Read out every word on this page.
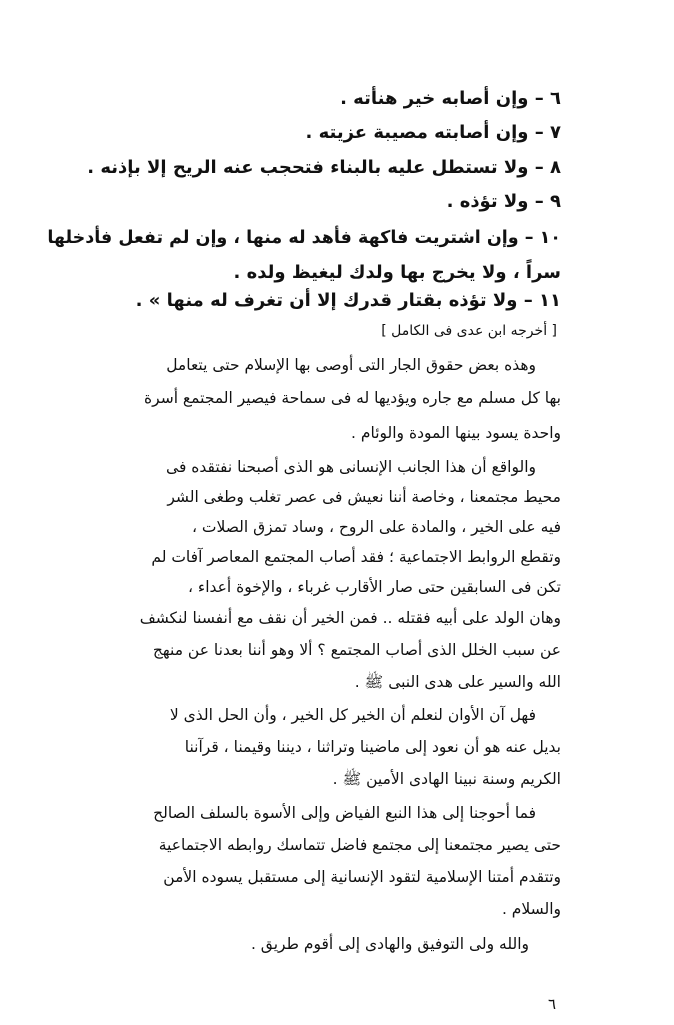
٦ – وإن أصابه خير هنأته .
٧ – وإن أصابته مصيبة عزيته .
٨ – ولا تستطل عليه بالبناء فتحجب عنه الريح إلا بإذنه .
٩ – ولا تؤذه .
١٠ – وإن اشتريت فاكهة فأهد له منها ، وإن لم تفعل فأدخلها
سراً ، ولا يخرج بها ولدك ليغيظ ولده .
١١ – ولا تؤذه بقتار قدرك إلا أن تغرف له منها » .
[ أخرجه ابن عدى فى الكامل ]
وهذه بعض حقوق الجار التى أوصى بها الإسلام حتى يتعامل
بها كل مسلم مع جاره ويؤديها له فى سماحة فيصير المجتمع أسرة
واحدة يسود بينها المودة والوئام .
والواقع أن هذا الجانب الإنسانى هو الذى أصبحنا نفتقده فى
محيط مجتمعنا ، وخاصة أننا نعيش فى عصر تغلب وطغى الشر
فيه على الخير ، والمادة على الروح ، وساد تمزق الصلات ،
وتقطع الروابط الاجتماعية ؛ فقد أصاب المجتمع المعاصر آفات لم
تكن فى السابقين حتى صار الأقارب غرباء ، والإخوة أعداء ،
وهان الولد على أبيه فقتله .. فمن الخير أن نقف مع أنفسنا لنكشف
عن سبب الخلل الذى أصاب المجتمع ؟ ألا وهو أننا بعدنا عن منهج
الله والسير على هدى النبى ﷺ .
فهل آن الأوان لنعلم أن الخير كل الخير ، وأن الحل الذى لا
بديل عنه هو أن نعود إلى ماضينا وتراثنا ، ديننا وقيمنا ، قرآننا
الكريم وسنة نبينا الهادى الأمين ﷺ .
فما أحوجنا إلى هذا النبع الفياض وإلى الأسوة بالسلف الصالح
حتى يصير مجتمعنا إلى مجتمع فاضل تتماسك روابطه الاجتماعية
وتتقدم أمتنا الإسلامية لتقود الإنسانية إلى مستقبل يسوده الأمن
والسلام .
والله ولى التوفيق والهادى إلى أقوم طريق .
٦
